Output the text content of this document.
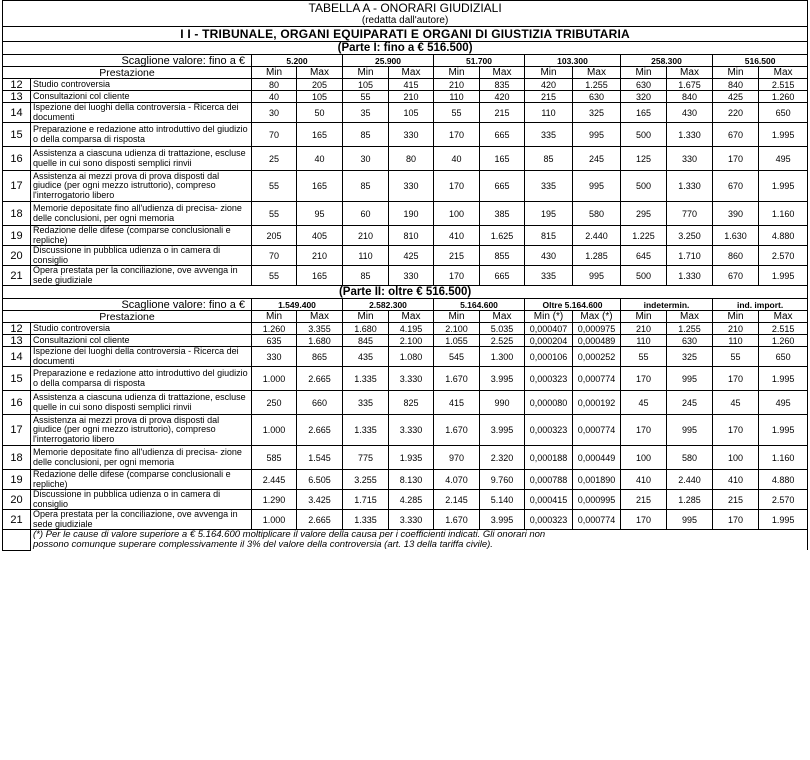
TABELLA A - ONORARI GIUDIZIALI													
(redatta dall'autore)													
I I - TRIBUNALE, ORGANI EQUIPARATI E ORGANI DI GIUSTIZIA TRIBUTARIA													
(Parte I: fino a € 516.500)													
Scaglione valore: fino a €		5.200		25.900		51.700		103.300		258.300		516.500	
Prestazione		Min	Max	Min	Max	Min	Max	Min	Max	Min	Max	Min	Max
12	Studio controversia	80	205	105	415	210	835	420	1.255	630	1.675	840	2.515
13	Consultazioni col cliente	40	105	55	210	110	420	215	630	320	840	425	1.260
14	Ispezione dei luoghi della controversia - Ricerca dei documenti	30	50	35	105	55	215	110	325	165	430	220	650
15	Preparazione e redazione atto introduttivo del giudizio o della comparsa di risposta	70	165	85	330	170	665	335	995	500	1.330	670	1.995
16	Assistenza a ciascuna udienza di trattazione, escluse quelle in cui sono disposti semplici rinvii	25	40	30	80	40	165	85	245	125	330	170	495
17	Assistenza ai mezzi prova di prova disposti dal giudice (per ogni mezzo istruttorio), compreso l'interrogatorio libero	55	165	85	330	170	665	335	995	500	1.330	670	1.995
18	Memorie depositate fino all'udienza di precisa- zione delle conclusioni, per ogni memoria	55	95	60	190	100	385	195	580	295	770	390	1.160
19	Redazione delle difese (comparse conclusionali e repliche)	205	405	210	810	410	1.625	815	2.440	1.225	3.250	1.630	4.880
20	Discussione in pubblica udienza o in camera di consiglio	70	210	110	425	215	855	430	1.285	645	1.710	860	2.570
21	Opera prestata per la conciliazione, ove avvenga in sede giudiziale	55	165	85	330	170	665	335	995	500	1.330	670	1.995
(Parte II: oltre € 516.500)													
Scaglione valore: fino a €		1.549.400		2.582.300		5.164.600		Oltre 5.164.600		indetermin.		ind. import.	
Prestazione		Min	Max	Min	Max	Min	Max	Min (*)	Max (*)	Min	Max	Min	Max
12	Studio controversia	1.260	3.355	1.680	4.195	2.100	5.035	0,000407	0,000975	210	1.255	210	2.515
13	Consultazioni col cliente	635	1.680	845	2.100	1.055	2.525	0,000204	0,000489	110	630	110	1.260
14	Ispezione dei luoghi della controversia - Ricerca dei documenti	330	865	435	1.080	545	1.300	0,000106	0,000252	55	325	55	650
15	Preparazione e redazione atto introduttivo del giudizio o della comparsa di risposta	1.000	2.665	1.335	3.330	1.670	3.995	0,000323	0,000774	170	995	170	1.995
16	Assistenza a ciascuna udienza di trattazione, escluse quelle in cui sono disposti semplici rinvii	250	660	335	825	415	990	0,000080	0,000192	45	245	45	495
17	Assistenza ai mezzi prova di prova disposti dal giudice (per ogni mezzo istruttorio), compreso l'interrogatorio libero	1.000	2.665	1.335	3.330	1.670	3.995	0,000323	0,000774	170	995	170	1.995
18	Memorie depositate fino all'udienza di precisa- zione delle conclusioni, per ogni memoria	585	1.545	775	1.935	970	2.320	0,000188	0,000449	100	580	100	1.160
19	Redazione delle difese (comparse conclusionali e repliche)	2.445	6.505	3.255	8.130	4.070	9.760	0,000788	0,001890	410	2.440	410	4.880
20	Discussione in pubblica udienza o in camera di consiglio	1.290	3.425	1.715	4.285	2.145	5.140	0,000415	0,000995	215	1.285	215	2.570
21	Opera prestata per la conciliazione, ove avvenga in sede giudiziale	1.000	2.665	1.335	3.330	1.670	3.995	0,000323	0,000774	170	995	170	1.995
	(*) Per le cause di valore superiore a € 5.164.600 moltiplicare il valore della causa per i coefficienti indicati. Gli onorari non												
	possono comunque superare complessivamente il 3% del valore della controversia (art. 13 della tariffa civile).												
